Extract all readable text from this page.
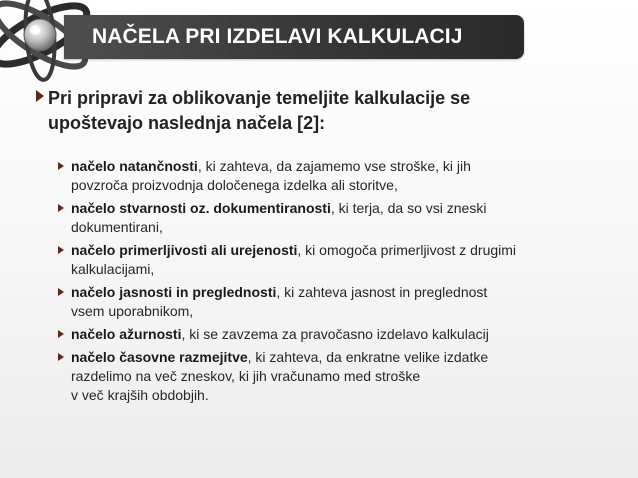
NAČELA PRI IZDELAVI KALKULACIJ
Pri pripravi za oblikovanje temeljite kalkulacije se
upoštevajo naslednja načela [2]:
načelo natančnosti, ki zahteva, da zajamemo vse stroške, ki jih
povzroča proizvodnja določenega izdelka ali storitve,
načelo stvarnosti oz. dokumentiranosti, ki terja, da so vsi zneski
dokumentirani,
načelo primerljivosti ali urejenosti, ki omogoča primerljivost z drugimi
kalkulacijami,
načelo jasnosti in preglednosti, ki zahteva jasnost in preglednost
vsem uporabnikom,
načelo ažurnosti, ki se zavzema za pravočasno izdelavo kalkulacij
načelo časovne razmejitve, ki zahteva, da enkratne velike izdatke
razdelimo na več zneskov, ki jih vračunamo med stroške
v več krajših obdobjih.
